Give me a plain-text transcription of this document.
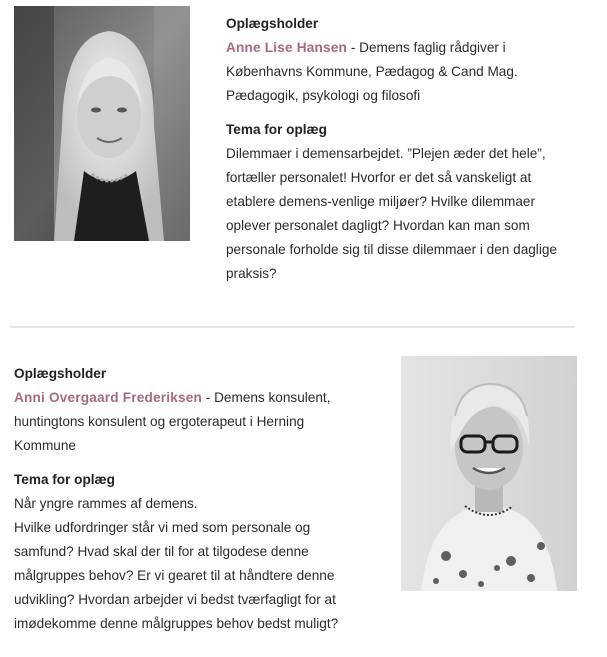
Oplægsholder
Anne Lise Hansen - Demens faglig rådgiver i
Københavns Kommune, Pædagog & Cand Mag.
Pædagogik, psykologi og filosofi
Tema for oplæg
Dilemmaer i demensarbejdet. ”Plejen æder det hele”,
fortæller personalet! Hvorfor er det så vanskeligt at
etablere demens-venlige miljøer? Hvilke dilemmaer
oplever personalet dagligt? Hvordan kan man som
personale forholde sig til disse dilemmaer i den daglige
praksis?
Oplægsholder
Anni Overgaard Frederiksen - Demens konsulent,
huntingtons konsulent og ergoterapeut i Herning
Kommune
Tema for oplæg
Når yngre rammes af demens.
Hvilke udfordringer står vi med som personale og
samfund? Hvad skal der til for at tilgodese denne
målgruppes behov? Er vi gearet til at håndtere denne
udvikling? Hvordan arbejder vi bedst tværfagligt for at
imødekomme denne målgruppes behov bedst muligt?
